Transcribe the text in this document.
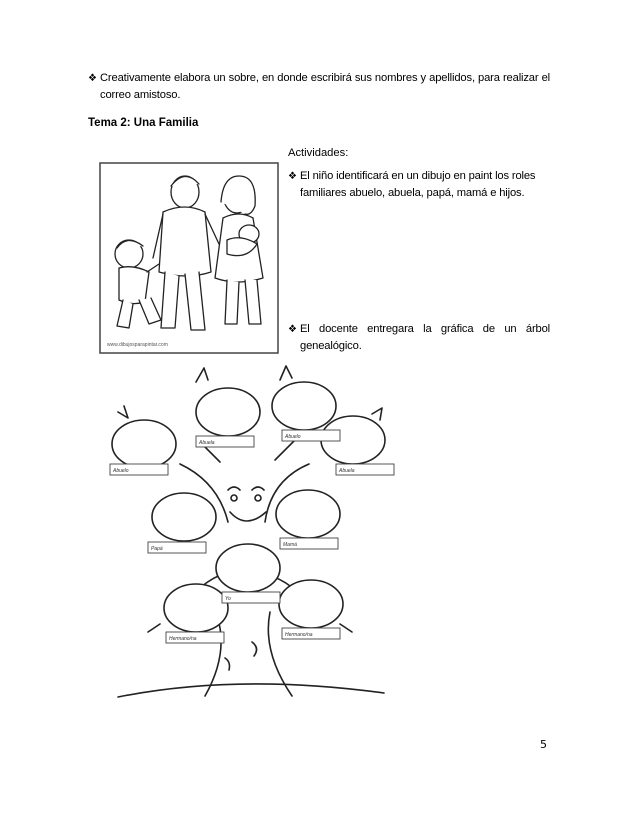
❖ Creativamente elabora un sobre, en donde escribirá sus nombres y apellidos, para realizar el
correo amistoso.
Tema 2: Una Familia
Actividades:
❖ El niño identificará en un dibujo en paint los roles
familiares abuelo, abuela, papá, mamá e hijos.
❖ El docente entregara la gráfica de un árbol
genealógico.
www.dibujosparapintar.com
Abuelo
Abuela
Abuelo
Abuela
Papá
Mamá
Yo
Hermano/na
Hermano/na
5
